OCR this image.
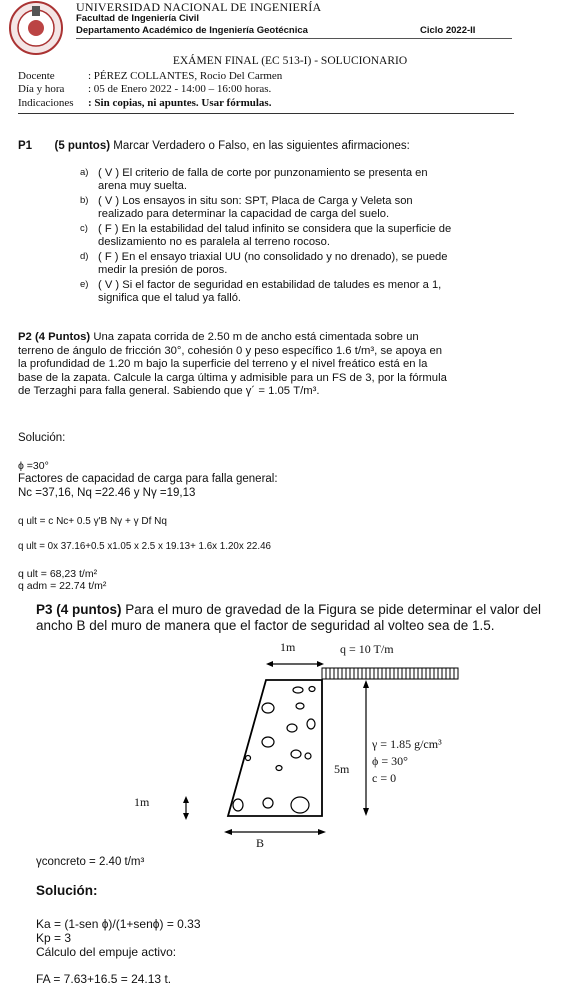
UNIVERSIDAD NACIONAL DE INGENIERÍA
Facultad de Ingeniería Civil
Departamento Académico de Ingeniería Geotécnica	Ciclo 2022-II
EXÁMEN FINAL (EC 513-I) - SOLUCIONARIO
Docente	: PÉREZ COLLANTES, Rocio Del Carmen
Día y hora : 05 de Enero 2022 - 14:00 – 16:00 horas.
Indicaciones : Sin copias, ni apuntes. Usar fórmulas.
P1 (5 puntos) Marcar Verdadero o Falso, en las siguientes afirmaciones:
a) ( V ) El criterio de falla de corte por punzonamiento se presenta en
arena muy suelta.
b) ( V ) Los ensayos in situ son: SPT, Placa de Carga y Veleta son
realizado para determinar la capacidad de carga del suelo.
c) ( F ) En la estabilidad del talud infinito se considera que la superficie de
deslizamiento no es paralela al terreno rocoso.
d) ( F ) En el ensayo triaxial UU (no consolidado y no drenado), se puede
medir la presión de poros.
e) ( V ) Si el factor de seguridad en estabilidad de taludes es menor a 1,
significa que el talud ya falló.
P2 (4 Puntos) Una zapata corrida de 2.50 m de ancho está cimentada sobre un
terreno de ángulo de fricción 30°, cohesión 0 y peso específico 1.6 t/m³, se apoya en
la profundidad de 1.20 m bajo la superficie del terreno y el nivel freático está en la
base de la zapata. Calcule la carga última y admisible para un FS de 3, por la fórmula
de Terzaghi para falla general. Sabiendo que γ´ = 1.05 T/m³.
Solución:
ϕ =30°
Factores de capacidad de carga para falla general:
Nc =37,16, Nq =22.46 y Nγ =19,13
q ult = c Nc+ 0.5 γ'B Nγ + γ Df Nq
q ult = 0x 37.16+0.5 x1.05 x 2.5 x 19.13+ 1.6x 1.20x 22.46
q ult = 68,23 t/m²
q adm = 22.74 t/m²
P3 (4 puntos) Para el muro de gravedad de la Figura se pide determinar el valor del
ancho B del muro de manera que el factor de seguridad al volteo sea de 1.5.
1m	q = 10 T/m
5m
γ = 1.85 g/cm³
ϕ = 30°
c = 0
1m
B
γconcreto = 2.40 t/m³
Solución:
Ka = (1-sen ϕ)/(1+senϕ) = 0.33
Kp = 3
Cálculo del empuje activo:
FA = 7.63+16.5 = 24.13 t.
